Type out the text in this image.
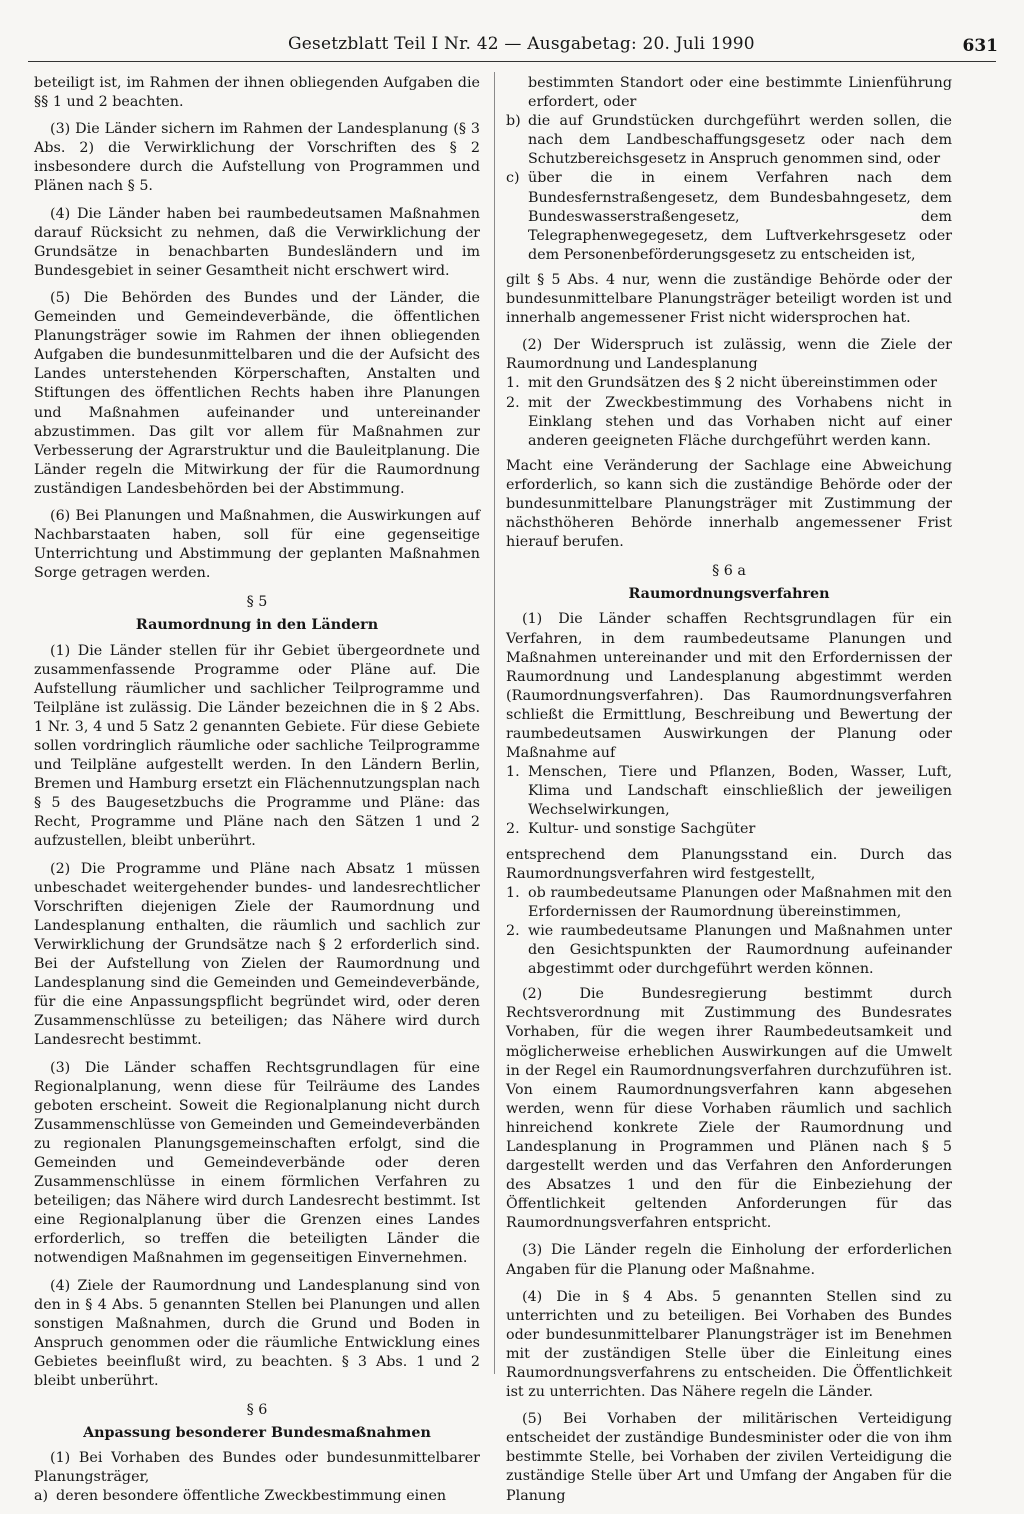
Gesetzblatt Teil I Nr. 42 — Ausgabetag: 20. Juli 1990	631

beteiligt ist, im Rahmen der ihnen obliegenden Aufgaben die §§ 1 und 2 beachten.

(3) Die Länder sichern im Rahmen der Landesplanung (§ 3 Abs. 2) die Verwirklichung der Vorschriften des § 2 insbesondere durch die Aufstellung von Programmen und Plänen nach § 5.

(4) Die Länder haben bei raumbedeutsamen Maßnahmen darauf Rücksicht zu nehmen, daß die Verwirklichung der Grundsätze in benachbarten Bundesländern und im Bundesgebiet in seiner Gesamtheit nicht erschwert wird.

(5) Die Behörden des Bundes und der Länder, die Gemeinden und Gemeindeverbände, die öffentlichen Planungsträger sowie im Rahmen der ihnen obliegenden Aufgaben die bundesunmittelbaren und die der Aufsicht des Landes unterstehenden Körperschaften, Anstalten und Stiftungen des öffentlichen Rechts haben ihre Planungen und Maßnahmen aufeinander und untereinander abzustimmen. Das gilt vor allem für Maßnahmen zur Verbesserung der Agrarstruktur und die Bauleitplanung. Die Länder regeln die Mitwirkung der für die Raumordnung zuständigen Landesbehörden bei der Abstimmung.

(6) Bei Planungen und Maßnahmen, die Auswirkungen auf Nachbarstaaten haben, soll für eine gegenseitige Unterrichtung und Abstimmung der geplanten Maßnahmen Sorge getragen werden.

§ 5

Raumordnung in den Ländern

(1) Die Länder stellen für ihr Gebiet übergeordnete und zusammenfassende Programme oder Pläne auf. Die Aufstellung räumlicher und sachlicher Teilprogramme und Teilpläne ist zulässig. Die Länder bezeichnen die in § 2 Abs. 1 Nr. 3, 4 und 5 Satz 2 genannten Gebiete. Für diese Gebiete sollen vordringlich räumliche oder sachliche Teilprogramme und Teilpläne aufgestellt werden. In den Ländern Berlin, Bremen und Hamburg ersetzt ein Flächennutzungsplan nach § 5 des Baugesetzbuchs die Programme und Pläne: das Recht, Programme und Pläne nach den Sätzen 1 und 2 aufzustellen, bleibt unberührt.

(2) Die Programme und Pläne nach Absatz 1 müssen unbeschadet weitergehender bundes- und landesrechtlicher Vorschriften diejenigen Ziele der Raumordnung und Landesplanung enthalten, die räumlich und sachlich zur Verwirklichung der Grundsätze nach § 2 erforderlich sind. Bei der Aufstellung von Zielen der Raumordnung und Landesplanung sind die Gemeinden und Gemeindeverbände, für die eine Anpassungspflicht begründet wird, oder deren Zusammenschlüsse zu beteiligen; das Nähere wird durch Landesrecht bestimmt.

(3) Die Länder schaffen Rechtsgrundlagen für eine Regionalplanung, wenn diese für Teilräume des Landes geboten erscheint. Soweit die Regionalplanung nicht durch Zusammenschlüsse von Gemeinden und Gemeindeverbänden zu regionalen Planungsgemeinschaften erfolgt, sind die Gemeinden und Gemeindeverbände oder deren Zusammenschlüsse in einem förmlichen Verfahren zu beteiligen; das Nähere wird durch Landesrecht bestimmt. Ist eine Regionalplanung über die Grenzen eines Landes erforderlich, so treffen die beteiligten Länder die notwendigen Maßnahmen im gegenseitigen Einvernehmen.

(4) Ziele der Raumordnung und Landesplanung sind von den in § 4 Abs. 5 genannten Stellen bei Planungen und allen sonstigen Maßnahmen, durch die Grund und Boden in Anspruch genommen oder die räumliche Entwicklung eines Gebietes beeinflußt wird, zu beachten. § 3 Abs. 1 und 2 bleibt unberührt.

§ 6

Anpassung besonderer Bundesmaßnahmen

(1) Bei Vorhaben des Bundes oder bundesunmittelbarer Planungsträger,

a) deren besondere öffentliche Zweckbestimmung einen
bestimmten Standort oder eine bestimmte Linienführung erfordert, oder
b) die auf Grundstücken durchgeführt werden sollen, die nach dem Landbeschaffungsgesetz oder nach dem Schutzbereichsgesetz in Anspruch genommen sind, oder
c) über die in einem Verfahren nach dem Bundesfernstraßengesetz, dem Bundesbahngesetz, dem Bundeswasserstraßengesetz, dem Telegraphenwegegesetz, dem Luftverkehrsgesetz oder dem Personenbeförderungsgesetz zu entscheiden ist,

gilt § 5 Abs. 4 nur, wenn die zuständige Behörde oder der bundesunmittelbare Planungsträger beteiligt worden ist und innerhalb angemessener Frist nicht widersprochen hat.

(2) Der Widerspruch ist zulässig, wenn die Ziele der Raumordnung und Landesplanung

1. mit den Grundsätzen des § 2 nicht übereinstimmen oder
2. mit der Zweckbestimmung des Vorhabens nicht in Einklang stehen und das Vorhaben nicht auf einer anderen geeigneten Fläche durchgeführt werden kann.

Macht eine Veränderung der Sachlage eine Abweichung erforderlich, so kann sich die zuständige Behörde oder der bundesunmittelbare Planungsträger mit Zustimmung der nächsthöheren Behörde innerhalb angemessener Frist hierauf berufen.

§ 6 a

Raumordnungsverfahren

(1) Die Länder schaffen Rechtsgrundlagen für ein Verfahren, in dem raumbedeutsame Planungen und Maßnahmen untereinander und mit den Erfordernissen der Raumordnung und Landesplanung abgestimmt werden (Raumordnungsverfahren). Das Raumordnungsverfahren schließt die Ermittlung, Beschreibung und Bewertung der raumbedeutsamen Auswirkungen der Planung oder Maßnahme auf

1. Menschen, Tiere und Pflanzen, Boden, Wasser, Luft, Klima und Landschaft einschließlich der jeweiligen Wechselwirkungen,
2. Kultur- und sonstige Sachgüter

entsprechend dem Planungsstand ein. Durch das Raumordnungsverfahren wird festgestellt,

1. ob raumbedeutsame Planungen oder Maßnahmen mit den Erfordernissen der Raumordnung übereinstimmen,
2. wie raumbedeutsame Planungen und Maßnahmen unter den Gesichtspunkten der Raumordnung aufeinander abgestimmt oder durchgeführt werden können.

(2) Die Bundesregierung bestimmt durch Rechtsverordnung mit Zustimmung des Bundesrates Vorhaben, für die wegen ihrer Raumbedeutsamkeit und möglicherweise erheblichen Auswirkungen auf die Umwelt in der Regel ein Raumordnungsverfahren durchzuführen ist. Von einem Raumordnungsverfahren kann abgesehen werden, wenn für diese Vorhaben räumlich und sachlich hinreichend konkrete Ziele der Raumordnung und Landesplanung in Programmen und Plänen nach § 5 dargestellt werden und das Verfahren den Anforderungen des Absatzes 1 und den für die Einbeziehung der Öffentlichkeit geltenden Anforderungen für das Raumordnungsverfahren entspricht.

(3) Die Länder regeln die Einholung der erforderlichen Angaben für die Planung oder Maßnahme.

(4) Die in § 4 Abs. 5 genannten Stellen sind zu unterrichten und zu beteiligen. Bei Vorhaben des Bundes oder bundesunmittelbarer Planungsträger ist im Benehmen mit der zuständigen Stelle über die Einleitung eines Raumordnungsverfahrens zu entscheiden. Die Öffentlichkeit ist zu unterrichten. Das Nähere regeln die Länder.

(5) Bei Vorhaben der militärischen Verteidigung entscheidet der zuständige Bundesminister oder die von ihm bestimmte Stelle, bei Vorhaben der zivilen Verteidigung die zuständige Stelle über Art und Umfang der Angaben für die Planung
